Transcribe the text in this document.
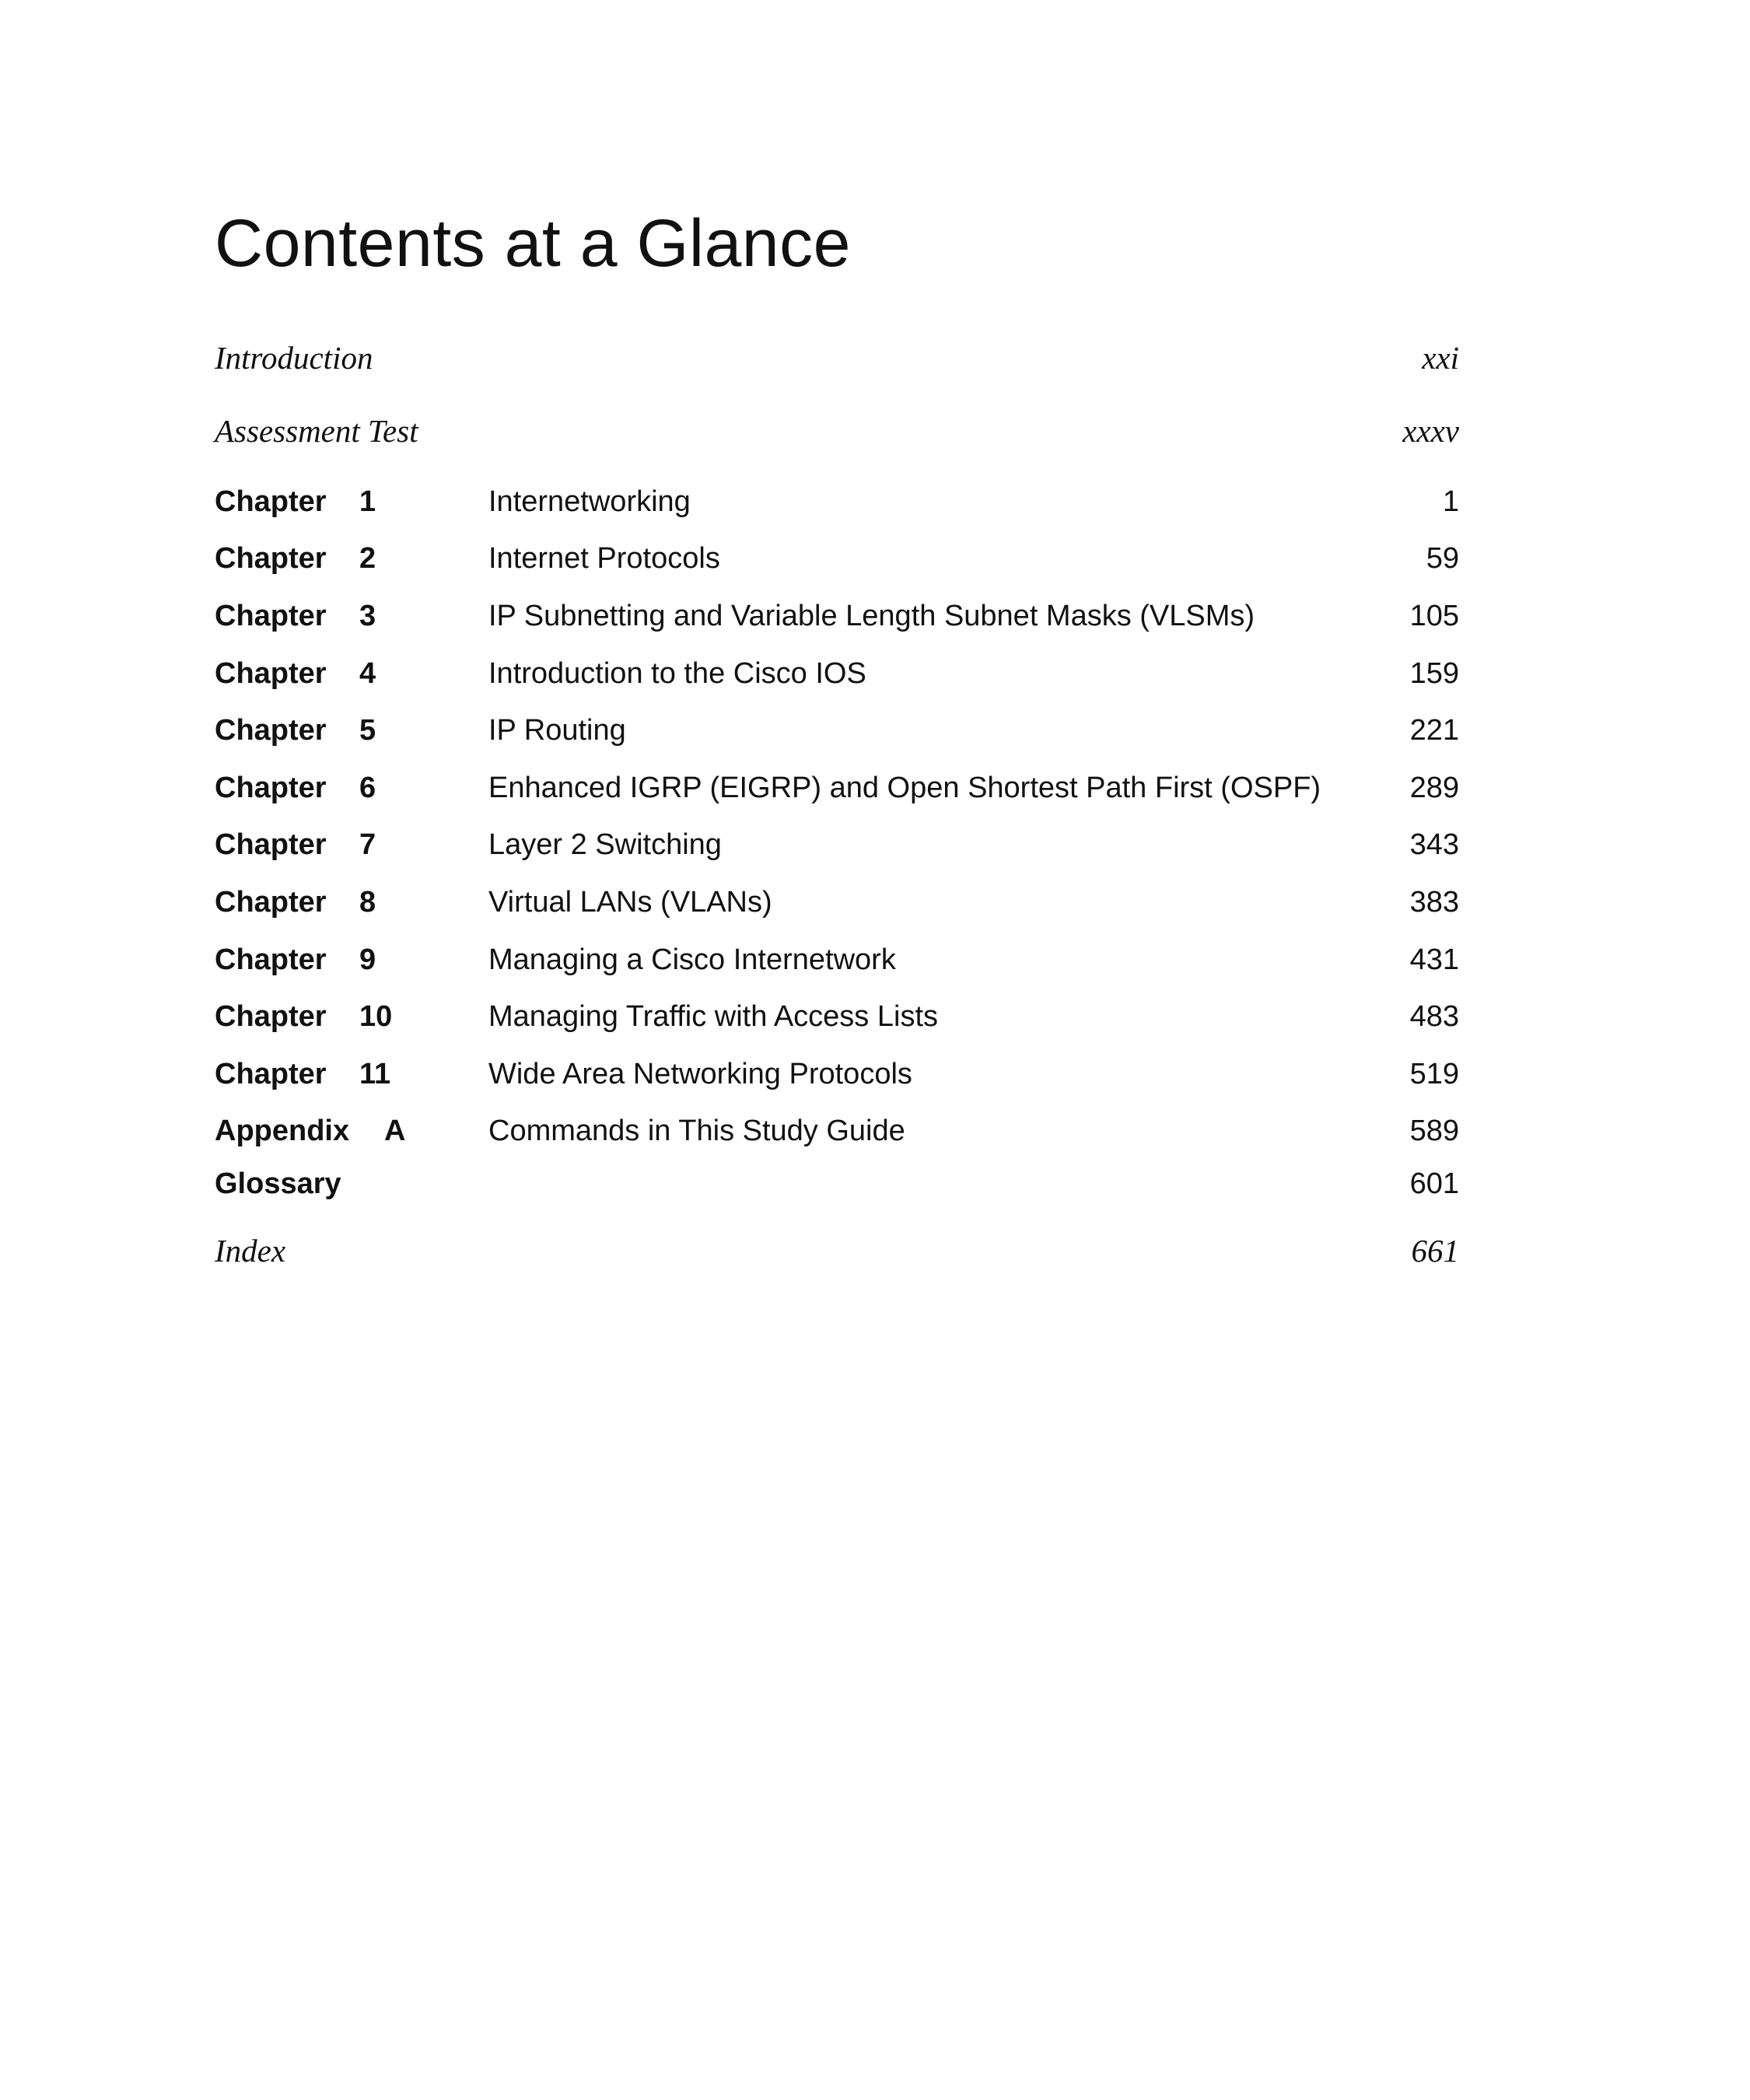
Contents at a Glance
Introduction	xxi
Assessment Test	xxxv
Chapter 1	Internetworking	1
Chapter 2	Internet Protocols	59
Chapter 3	IP Subnetting and Variable Length Subnet Masks (VLSMs)	105
Chapter 4	Introduction to the Cisco IOS	159
Chapter 5	IP Routing	221
Chapter 6	Enhanced IGRP (EIGRP) and Open Shortest Path First (OSPF)	289
Chapter 7	Layer 2 Switching	343
Chapter 8	Virtual LANs (VLANs)	383
Chapter 9	Managing a Cisco Internetwork	431
Chapter 10	Managing Traffic with Access Lists	483
Chapter 11	Wide Area Networking Protocols	519
Appendix A	Commands in This Study Guide	589
Glossary	601
Index	661
